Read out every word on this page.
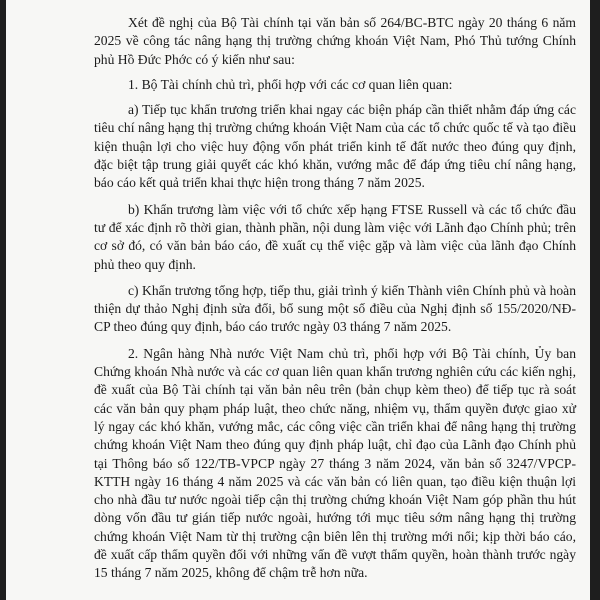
Xét đề nghị của Bộ Tài chính tại văn bản số 264/BC-BTC ngày 20 tháng 6 năm 2025 về công tác nâng hạng thị trường chứng khoán Việt Nam, Phó Thủ tướng Chính phủ Hồ Đức Phớc có ý kiến như sau:

1. Bộ Tài chính chủ trì, phối hợp với các cơ quan liên quan:

a) Tiếp tục khẩn trương triển khai ngay các biện pháp cần thiết nhằm đáp ứng các tiêu chí nâng hạng thị trường chứng khoán Việt Nam của các tổ chức quốc tế và tạo điều kiện thuận lợi cho việc huy động vốn phát triển kinh tế đất nước theo đúng quy định, đặc biệt tập trung giải quyết các khó khăn, vướng mắc để đáp ứng tiêu chí nâng hạng, báo cáo kết quả triển khai thực hiện trong tháng 7 năm 2025.

b) Khẩn trương làm việc với tổ chức xếp hạng FTSE Russell và các tổ chức đầu tư để xác định rõ thời gian, thành phần, nội dung làm việc với Lãnh đạo Chính phủ; trên cơ sở đó, có văn bản báo cáo, đề xuất cụ thể việc gặp và làm việc của lãnh đạo Chính phủ theo quy định.

c) Khẩn trương tổng hợp, tiếp thu, giải trình ý kiến Thành viên Chính phủ và hoàn thiện dự thảo Nghị định sửa đổi, bổ sung một số điều của Nghị định số 155/2020/NĐ-CP theo đúng quy định, báo cáo trước ngày 03 tháng 7 năm 2025.

2. Ngân hàng Nhà nước Việt Nam chủ trì, phối hợp với Bộ Tài chính, Ủy ban Chứng khoán Nhà nước và các cơ quan liên quan khẩn trương nghiên cứu các kiến nghị, đề xuất của Bộ Tài chính tại văn bản nêu trên (bản chụp kèm theo) để tiếp tục rà soát các văn bản quy phạm pháp luật, theo chức năng, nhiệm vụ, thẩm quyền được giao xử lý ngay các khó khăn, vướng mắc, các công việc cần triển khai để nâng hạng thị trường chứng khoán Việt Nam theo đúng quy định pháp luật, chỉ đạo của Lãnh đạo Chính phủ tại Thông báo số 122/TB-VPCP ngày 27 tháng 3 năm 2024, văn bản số 3247/VPCP-KTTH ngày 16 tháng 4 năm 2025 và các văn bản có liên quan, tạo điều kiện thuận lợi cho nhà đầu tư nước ngoài tiếp cận thị trường chứng khoán Việt Nam góp phần thu hút dòng vốn đầu tư gián tiếp nước ngoài, hướng tới mục tiêu sớm nâng hạng thị trường chứng khoán Việt Nam từ thị trường cận biên lên thị trường mới nổi; kịp thời báo cáo, đề xuất cấp thẩm quyền đối với những vấn đề vượt thẩm quyền, hoàn thành trước ngày 15 tháng 7 năm 2025, không để chậm trễ hơn nữa.
